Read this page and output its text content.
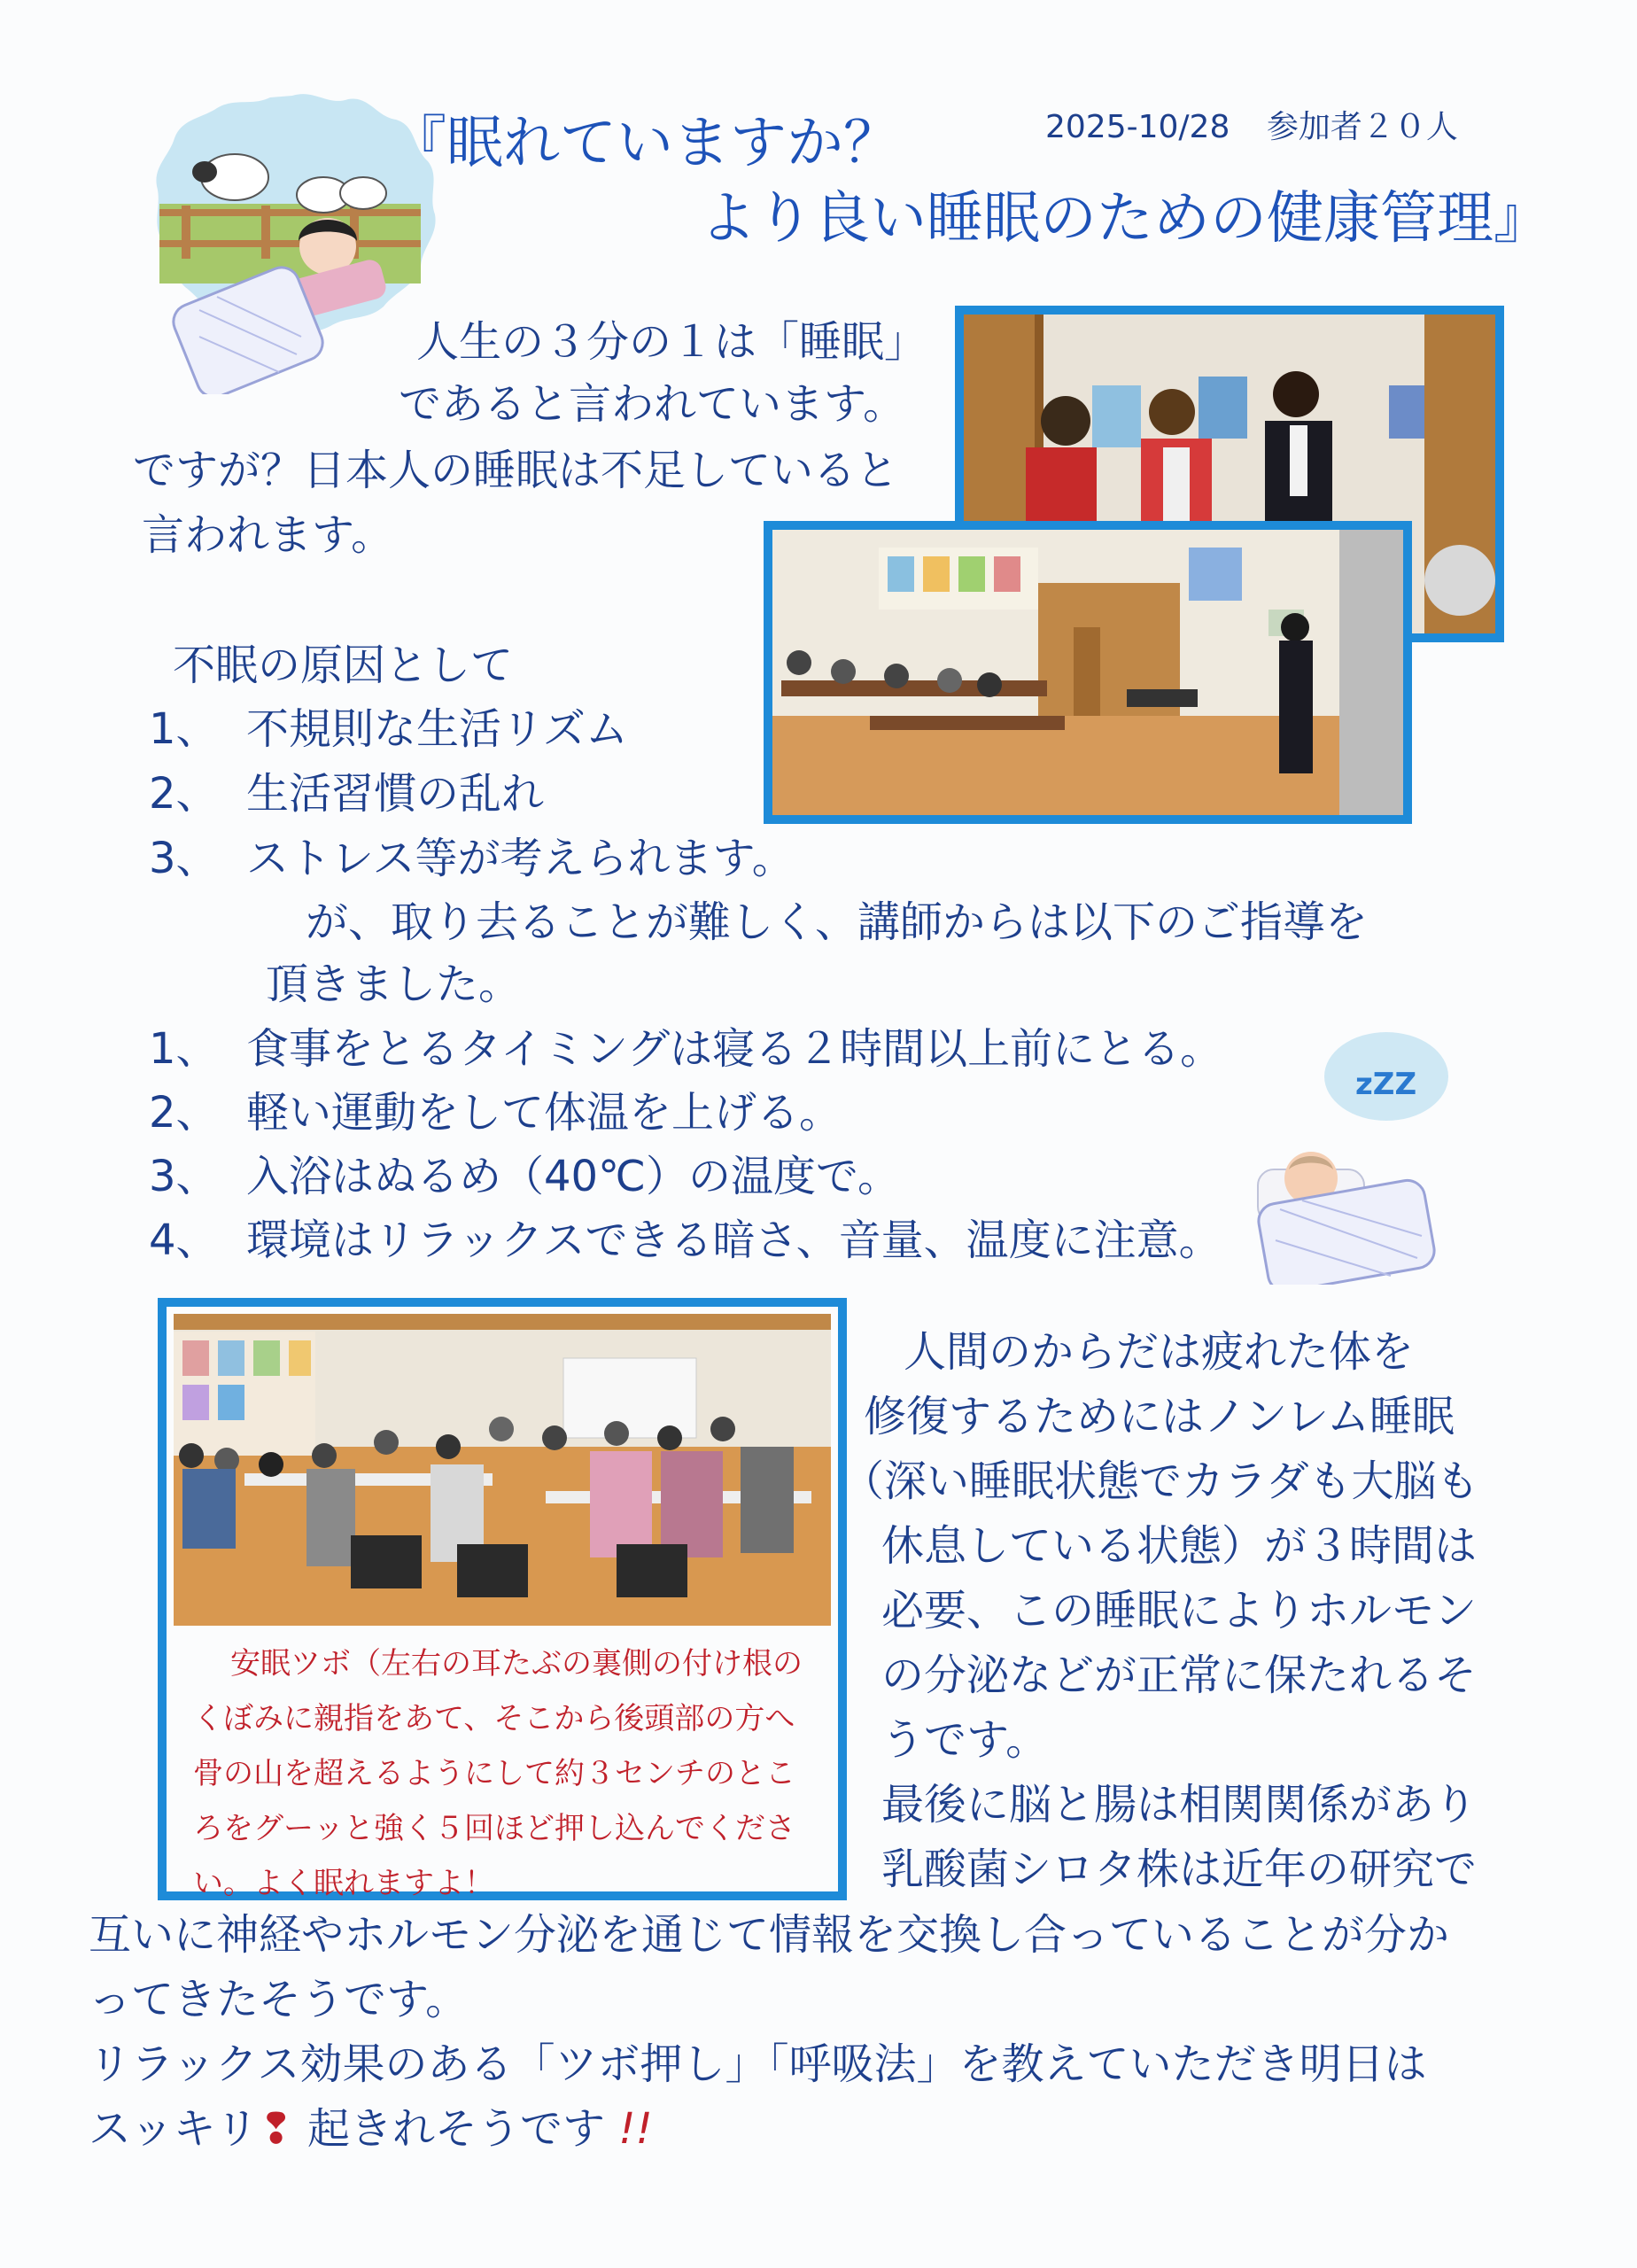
『眠れていますか？
より良い睡眠のための健康管理』
2025-10/28 参加者２０人
人生の３分の１は「睡眠」
であると言われています。
ですが？日本人の睡眠は不足していると
言われます。
不眠の原因として
1、 不規則な生活リズム
2、 生活習慣の乱れ
3、 ストレス等が考えられます。
が、取り去ることが難しく、講師からは以下のご指導を
頂きました。
1、 食事をとるタイミングは寝る２時間以上前にとる。
2、 軽い運動をして体温を上げる。
3、 入浴はぬるめ（40℃）の温度で。
4、 環境はリラックスできる暗さ、音量、温度に注意。
zZZ
安眠ツボ（左右の耳たぶの裏側の付け根の
くぼみに親指をあて、そこから後頭部の方へ
骨の山を超えるようにして約３センチのとこ
ろをグーッと強く５回ほど押し込んでくださ
い。よく眠れますよ！
人間のからだは疲れた体を
修復するためにはノンレム睡眠
（深い睡眠状態でカラダも大脳も
休息している状態）が３時間は
必要、この睡眠によりホルモン
の分泌などが正常に保たれるそ
うです。
最後に脳と腸は相関関係があり
乳酸菌シロタ株は近年の研究で
互いに神経やホルモン分泌を通じて情報を交換し合っていることが分か
ってきたそうです。
リラックス効果のある「ツボ押し」「呼吸法」を教えていただき明日は
スッキリ❢ 起きれそうです !!
